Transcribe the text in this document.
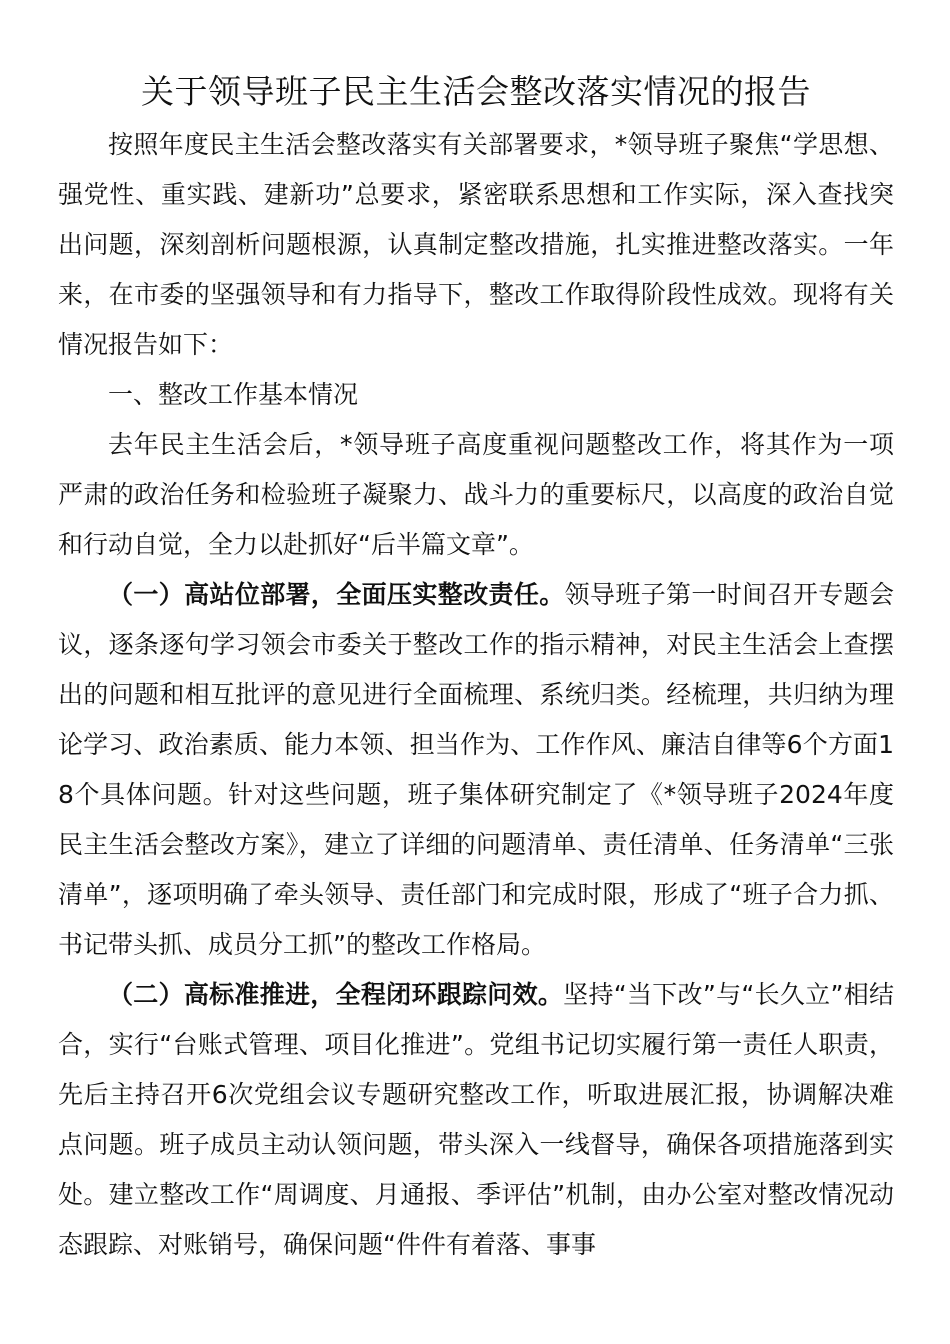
关于领导班子民主生活会整改落实情况的报告

按照年度民主生活会整改落实有关部署要求，*领导班子聚焦“学思想、强党性、重实践、建新功”总要求，紧密联系思想和工作实际，深入查找突出问题，深刻剖析问题根源，认真制定整改措施，扎实推进整改落实。一年来，在市委的坚强领导和有力指导下，整改工作取得阶段性成效。现将有关情况报告如下：

一、整改工作基本情况

去年民主生活会后，*领导班子高度重视问题整改工作，将其作为一项严肃的政治任务和检验班子凝聚力、战斗力的重要标尺，以高度的政治自觉和行动自觉，全力以赴抓好“后半篇文章”。

（一）高站位部署，全面压实整改责任。领导班子第一时间召开专题会议，逐条逐句学习领会市委关于整改工作的指示精神，对民主生活会上查摆出的问题和相互批评的意见进行全面梳理、系统归类。经梳理，共归纳为理论学习、政治素质、能力本领、担当作为、工作作风、廉洁自律等6个方面18个具体问题。针对这些问题，班子集体研究制定了《*领导班子2024年度民主生活会整改方案》，建立了详细的问题清单、责任清单、任务清单“三张清单”，逐项明确了牵头领导、责任部门和完成时限，形成了“班子合力抓、书记带头抓、成员分工抓”的整改工作格局。

（二）高标准推进，全程闭环跟踪问效。坚持“当下改”与“长久立”相结合，实行“台账式管理、项目化推进”。党组书记切实履行第一责任人职责，先后主持召开6次党组会议专题研究整改工作，听取进展汇报，协调解决难点问题。班子成员主动认领问题，带头深入一线督导，确保各项措施落到实处。建立整改工作“周调度、月通报、季评估”机制，由办公室对整改情况动态跟踪、对账销号，确保问题“件件有着落、事事
